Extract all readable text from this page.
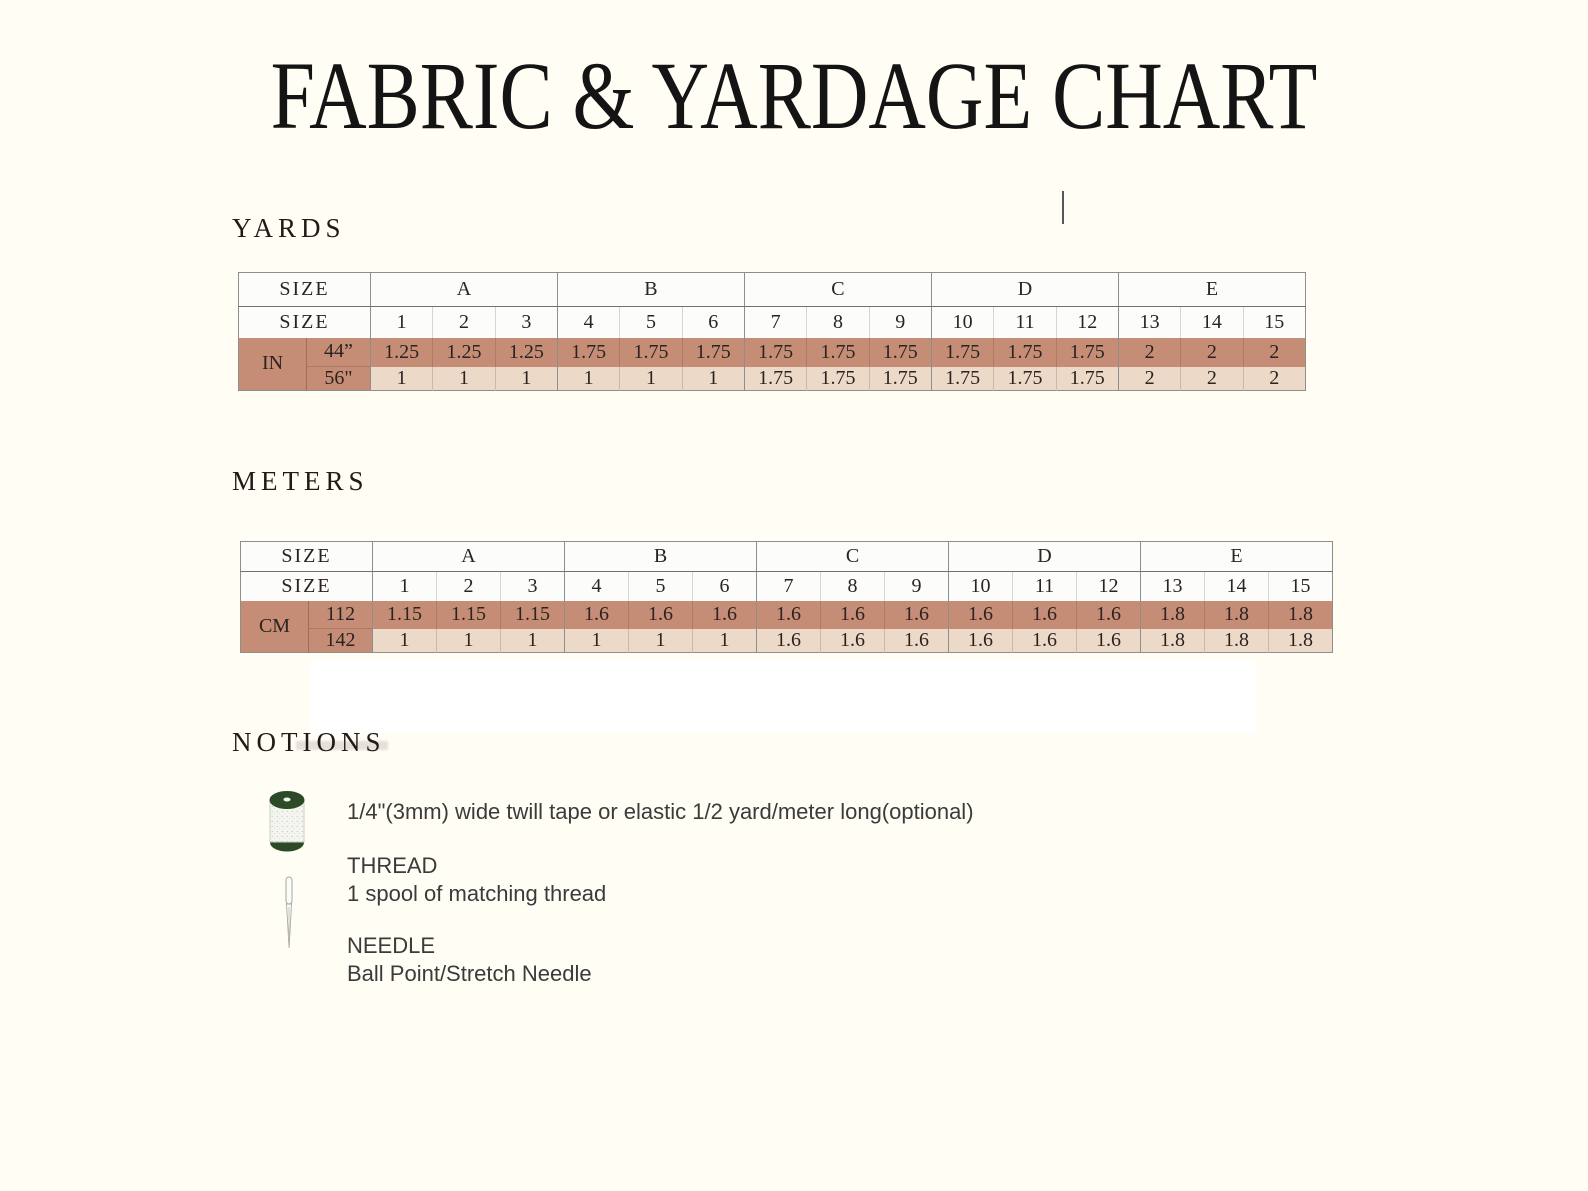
FABRIC & YARDAGE CHART
YARDS
SIZE		A			B			C			D			E		
SIZE		1	2	3	4	5	6	7	8	9	10	11	12	13	14	15
IN	44”	1.25	1.25	1.25	1.75	1.75	1.75	1.75	1.75	1.75	1.75	1.75	1.75	2	2	2
	56"	1	1	1	1	1	1	1.75	1.75	1.75	1.75	1.75	1.75	2	2	2
METERS
SIZE		A			B			C			D			E		
SIZE		1	2	3	4	5	6	7	8	9	10	11	12	13	14	15
CM	112	1.15	1.15	1.15	1.6	1.6	1.6	1.6	1.6	1.6	1.6	1.6	1.6	1.8	1.8	1.8
	142	1	1	1	1	1	1	1.6	1.6	1.6	1.6	1.6	1.6	1.8	1.8	1.8
NOTIONS

1/4"(3mm) wide twill tape or elastic 1/2 yard/meter long(optional)

THREAD

1 spool of matching thread

NEEDLE

Ball Point/Stretch Needle
